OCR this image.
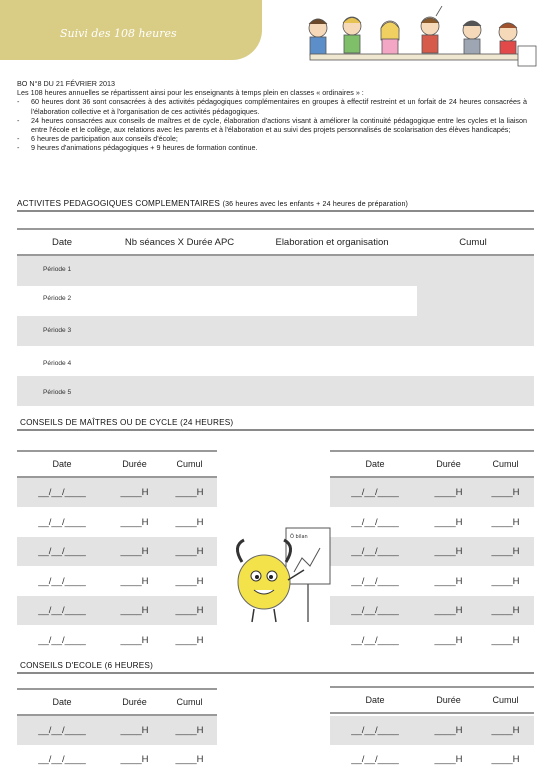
Suivi des 108 heures

BO N°8 DU 21 FÉVRIER 2013

Les 108 heures annuelles se répartissent ainsi pour les enseignants à temps plein en classes « ordinaires » :

-	60 heures dont 36 sont consacrées à des activités pédagogiques complémentaires en groupes à effectif restreint et un forfait de 24 heures consacrées à l'élaboration collective et à l'organisation de ces activités pédagogiques.
-	24 heures consacrées aux conseils de maîtres et de cycle, élaboration d'actions visant à améliorer la continuité pédagogique entre les cycles et la liaison entre l'école et le collège, aux relations avec les parents et à l'élaboration et au suivi des projets personnalisés de scolarisation des élèves handicapés;
-	6 heures de participation aux conseils d'école;
-	9 heures d'animations pédagogiques + 9 heures de formation continue.
ACTIVITES PEDAGOGIQUES COMPLEMENTAIRES (36 heures avec les enfants + 24 heures de préparation)
Date	Nb séances X Durée APC	Elaboration et organisation	Cumul
Période 1
Période 2
Période 3
Période 4
Période 5
CONSEILS DE MAÎTRES OU DE CYCLE (24 HEURES)
Date	Durée	Cumul	Date	Durée	Cumul
__/__/____	____H	____H	__/__/____	____H	____H
__/__/____	____H	____H	__/__/____	____H	____H
__/__/____	____H	____H	__/__/____	____H	____H
__/__/____	____H	____H	__/__/____	____H	____H
__/__/____	____H	____H	__/__/____	____H	____H
__/__/____	____H	____H	__/__/____	____H	____H
Ô bilan
CONSEILS D'ECOLE (6 HEURES)
Date	Durée	Cumul	Date	Durée	Cumul
__/__/____	____H	____H	__/__/____	____H	____H
__/__/____	____H	____H	__/__/____	____H	____H
